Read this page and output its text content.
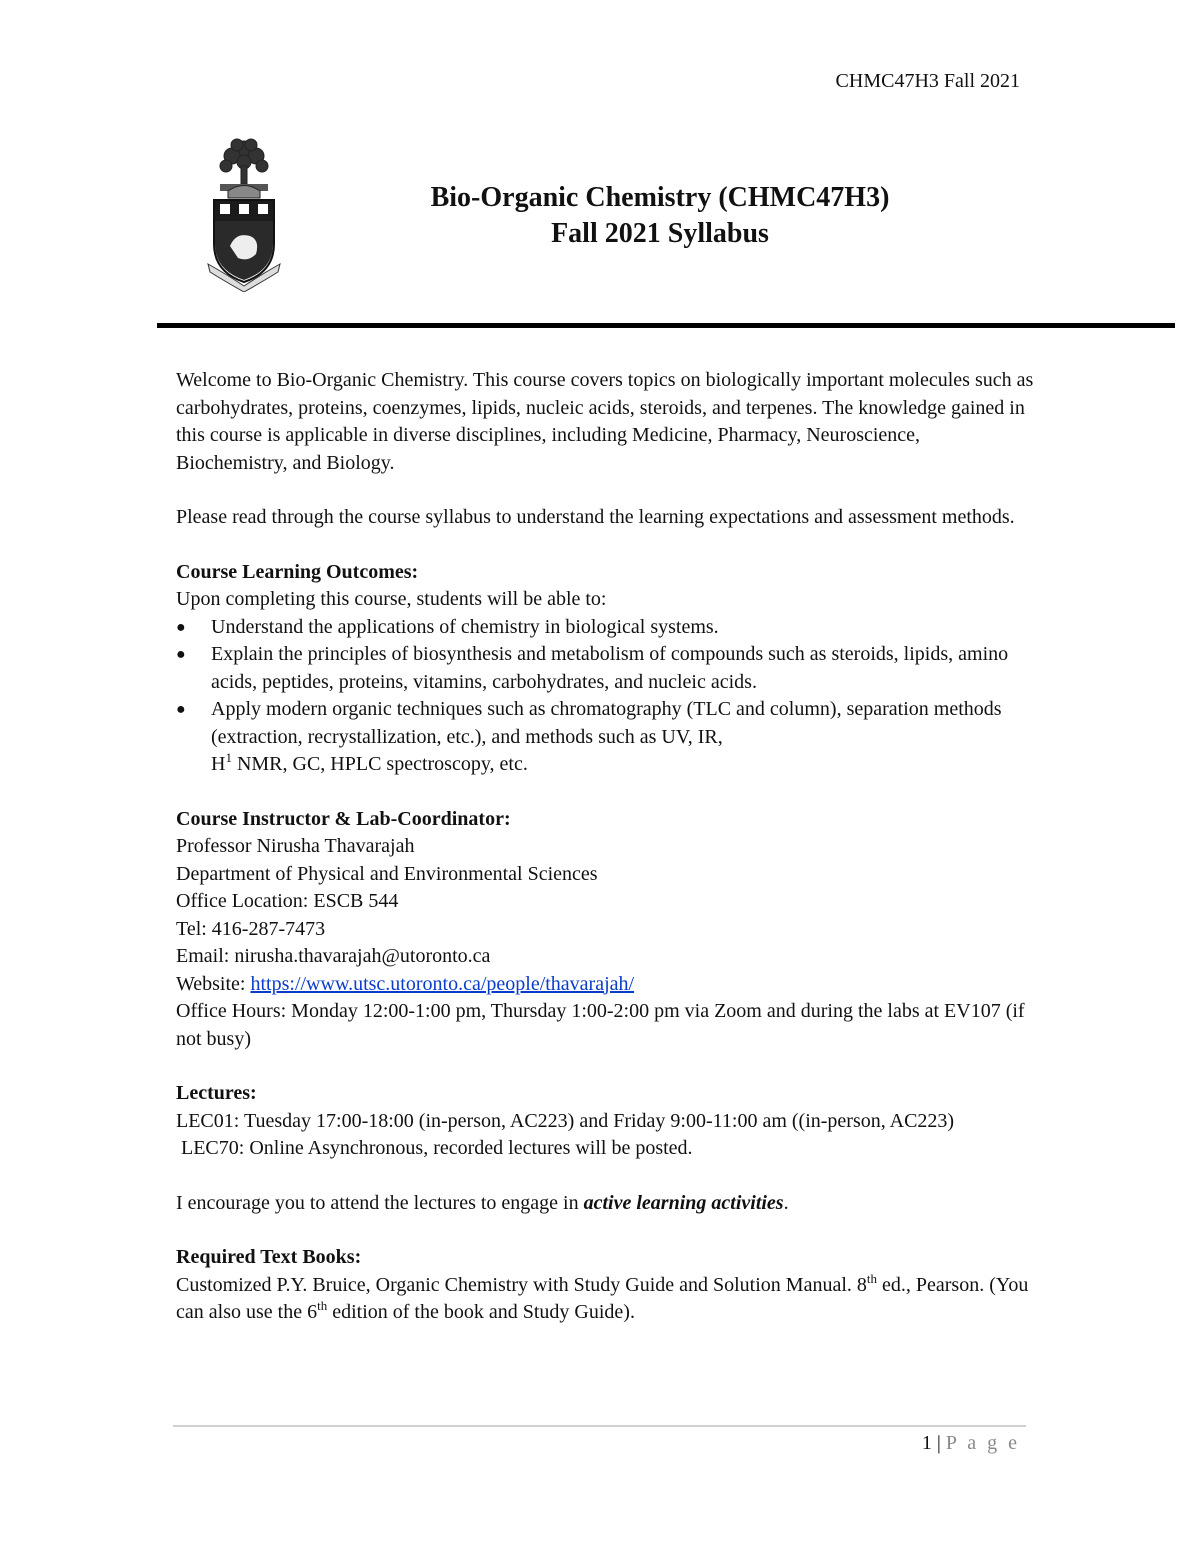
CHMC47H3 Fall 2021
Bio-Organic Chemistry (CHMC47H3)
Fall 2021 Syllabus

Welcome to Bio-Organic Chemistry. This course covers topics on biologically important molecules such as carbohydrates, proteins, coenzymes, lipids, nucleic acids, steroids, and terpenes. The knowledge gained in this course is applicable in diverse disciplines, including Medicine, Pharmacy, Neuroscience, Biochemistry, and Biology.

Please read through the course syllabus to understand the learning expectations and assessment methods.

Course Learning Outcomes:
Upon completing this course, students will be able to:
● Understand the applications of chemistry in biological systems.
● Explain the principles of biosynthesis and metabolism of compounds such as steroids, lipids, amino acids, peptides, proteins, vitamins, carbohydrates, and nucleic acids.
● Apply modern organic techniques such as chromatography (TLC and column), separation methods (extraction, recrystallization, etc.), and methods such as UV, IR,
$H^1$ NMR, GC, HPLC spectroscopy, etc.
Course Instructor & Lab-Coordinator:
Professor Nirusha Thavarajah
Department of Physical and Environmental Sciences
Office Location: ESCB 544
Tel: 416-287-7473
Email: nirusha.thavarajah@utoronto.ca
Website: https://www.utsc.utoronto.ca/people/thavarajah/
Office Hours: Monday 12:00-1:00 pm, Thursday 1:00-2:00 pm via Zoom and during the labs at EV107 (if not busy)
Lectures:
LEC01: Tuesday 17:00-18:00 (in-person, AC223) and Friday 9:00-11:00 am ((in-person, AC223)
LEC70: Online Asynchronous, recorded lectures will be posted.

I encourage you to attend the lectures to engage in active learning activities.

Required Text Books:
Customized P.Y. Bruice, Organic Chemistry with Study Guide and Solution Manual. 8th ed., Pearson. (You can also use the 6th edition of the book and Study Guide).
1 | P a g e
